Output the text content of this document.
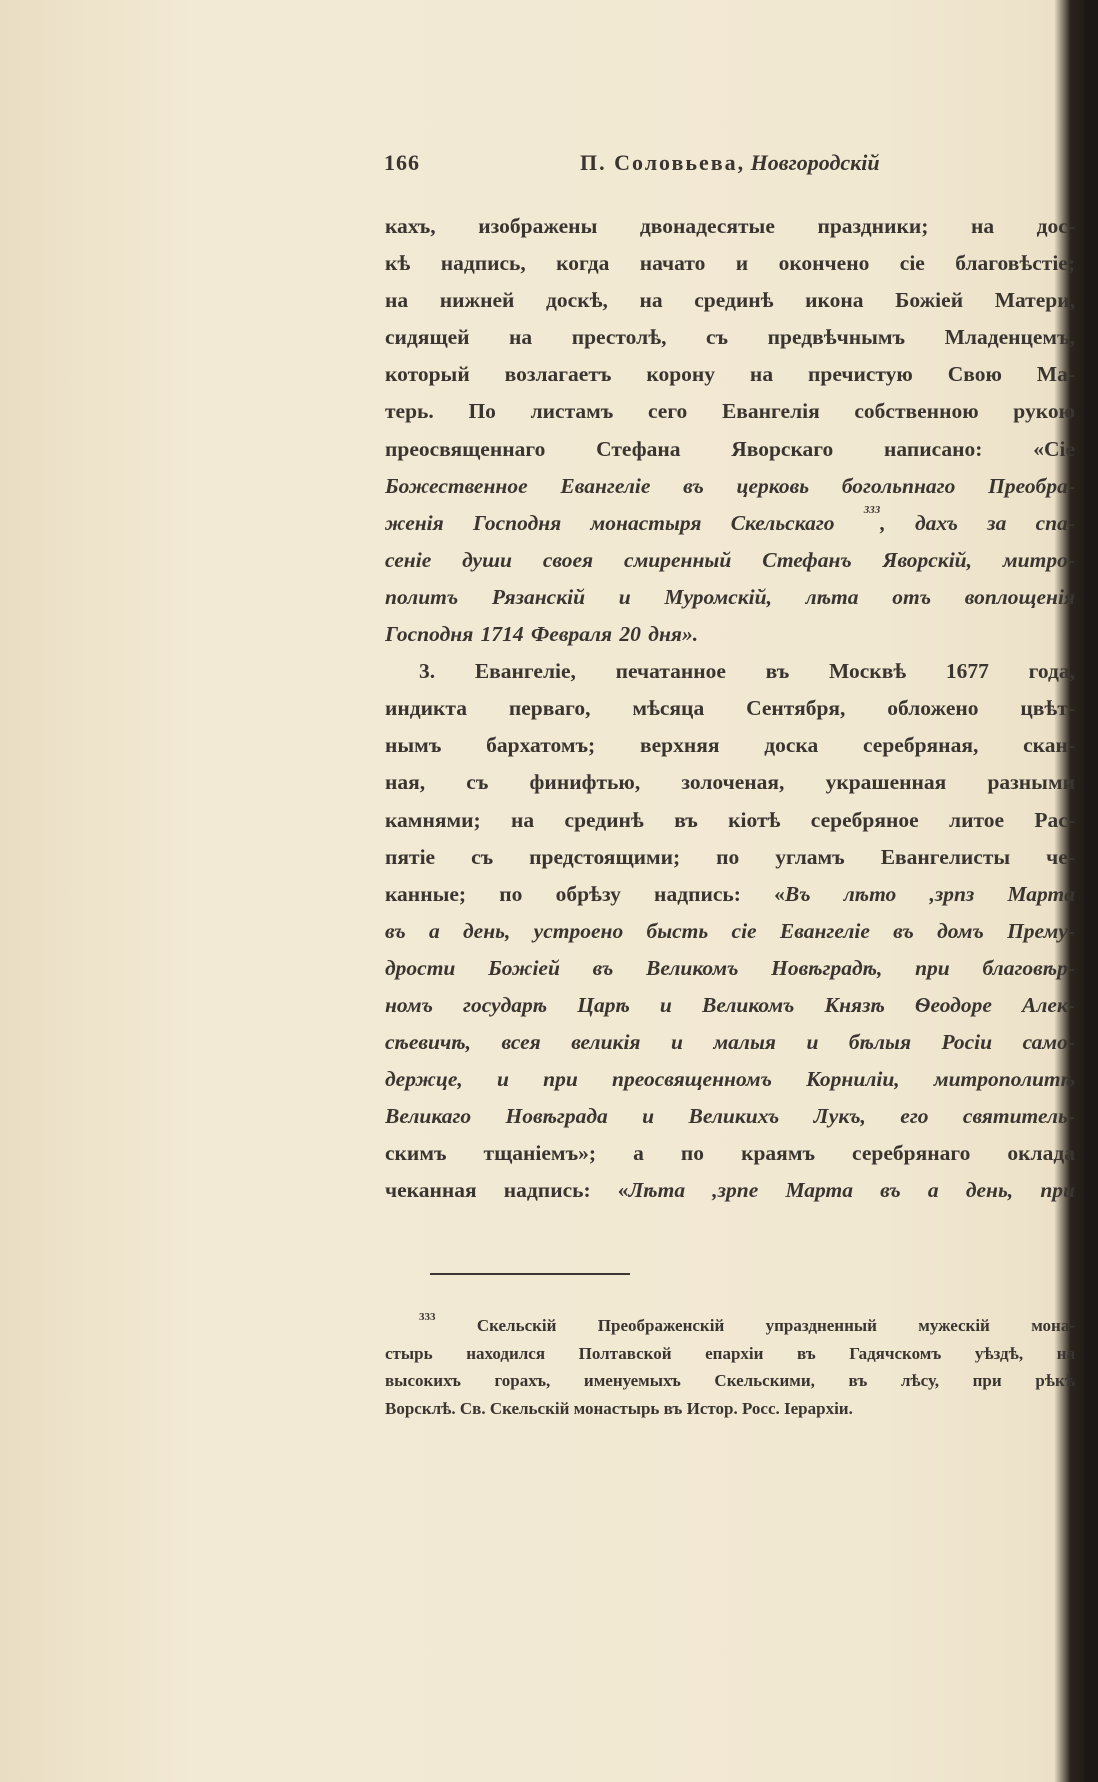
166	П. Соловьева, Новгородскій
кахъ, изображены двонадесятые праздники; на дос-
кѣ надпись, когда начато и окончено сіе благовѣстіе;
на нижней доскѣ, на срединѣ икона Божіей Матери,
сидящей на престолѣ, съ предвѣчнымъ Младенцемъ,
который возлагаетъ корону на пречистую Свою Ма-
терь. По листамъ сего Евангелія собственною рукою
преосвященнаго Стефана Яворскаго написано: «Сіе
Божественное Евангеліе въ церковь богольпнаго Преобра-
женія Господня монастыря Скельскаго $^{333}$, дахъ за спа-
сеніе души своея смиренный Стефанъ Яворскій, митро-
политъ Рязанскій и Муромскій, лѣта отъ воплощенія
Господня 1714 Февраля 20 дня».
3. Евангеліе, печатанное въ Москвѣ 1677 года,
индикта перваго, мѣсяца Сентября, обложено цвѣт-
нымъ бархатомъ; верхняя доска серебряная, скан-
ная, съ финифтью, золоченая, украшенная разными
камнями; на срединѣ въ кіотѣ серебряное литое Рас-
пятіе съ предстоящими; по угламъ Евангелисты че-
канные; по обрѣзу надпись: «Въ лѣто ,зрпз Марта
въ а день, устроено бысть сіе Евангеліе въ домъ Прему-
дрости Божіей въ Великомъ Новѣградѣ, при благовѣр-
номъ государѣ Царѣ и Великомъ Князѣ Ѳеодоре Алек-
сѣевичѣ, всея великія и малыя и бѣлыя Росіи само-
держце, и при преосвященномъ Корнилiи, митрополитѣ
Великаго Новѣграда и Великихъ Лукъ, его святитель-
скимъ тщаніемъ»; а по краямъ серебрянаго оклада
чеканная надпись: «Лѣта ,зрпе Марта въ а день, при
$^{333}$ Скельскій Преображенскій упраздненный мужескій мона-
стырь находился Полтавской епархіи въ Гадячскомъ уѣздѣ, на
высокихъ горахъ, именуемыхъ Скельскими, въ лѣсу, при рѣкѣ
Ворсклѣ. Св. Скельскій монастырь въ Истор. Росс. Іерархіи.
